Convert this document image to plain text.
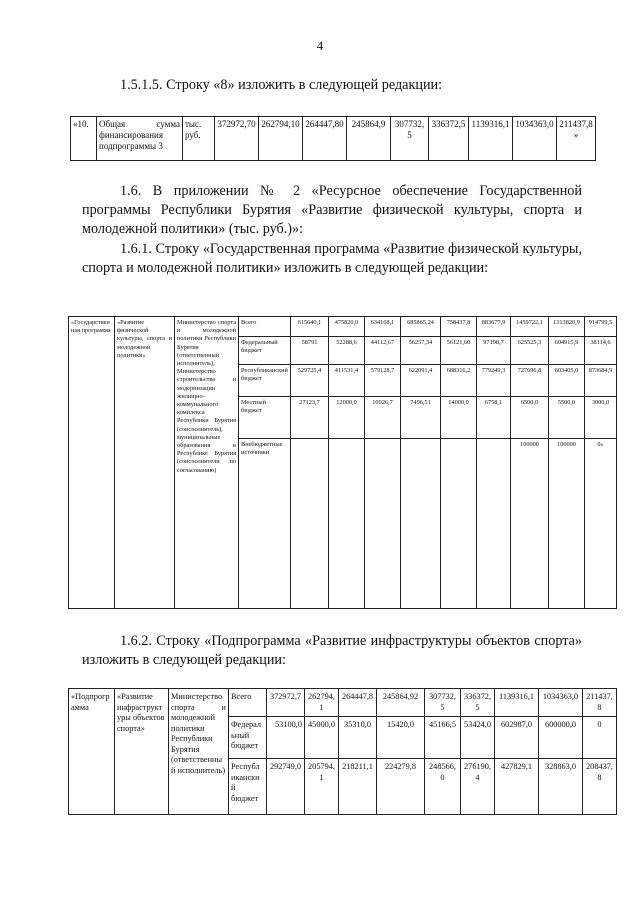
4
1.5.1.5. Строку «8» изложить в следующей редакции:
«10.	Общая сумма финансирования подпрограммы 3	тыс. руб.	372972,70	262794,10	264447,80	245864,9	307732,5	336372,5	1139316,1	1034363,0	211437,8»
1.6. В приложении № 2 «Ресурсное обеспечение Государственной программы Республики Бурятия «Развитие физической культуры, спорта и молодежной политики» (тыс. руб.)»:
1.6.1. Строку «Государственная программа «Развитие физической культуры, спорта и молодежной политики» изложить в следующей редакции:
«Государственная программа	«Развитие физической культуры, спорта и молодежной политики»	Министерство спорта и молодежной политики Республики Бурятия (ответственный исполнитель), Министерство строительства и модернизации жилищно-коммунального комплекса Республики Бурятия (соисполнитель), муниципальные образования в Республике Бурятия (соисполнители по согласованию)	Всего	615640,1	475820,0	634168,1	685865,24	758437,8	883677,9	1459722,1	1313820,9	914799,5
			Федеральный бюджет	58791	52288,6	44112,67	56257,34	56121,60	97198,7	625525,3	604915,9	38114,6
			Республиканский бюджет	529725,4	411531,4	579128,7	622091,4	688316,2	779249,3	727696,8	603405,0	873684,9
			Местный бюджет	27123,7	12000,0	10926,7	7496,51	14000,0	6758,1	6500,0	5500,0	3000,0
			Внебюджетные источники							100000	100000	0»
1.6.2. Строку «Подпрограмма «Развитие инфраструктуры объектов спорта» изложить в следующей редакции:
«Подпрограмма	«Развитие инфраструктуры объектов спорта»	Министерство спорта и молодежной политики Республики Бурятия (ответственный исполнитель)	Всего	372972,7	262794,1	264447,8	245864,92	307732,5	336372,5	1139316,1	1034363,0	211437,8
			Федеральный бюджет	53100,0	45000,0	35310,0	15420,0	45166,5	53424,0	602987,0	600000,0	0
			Республиканский бюджет	292749,0	205794,1	218211,1	224279,8	248566,0	276190,4	427829,1	328863,0	208437,8
